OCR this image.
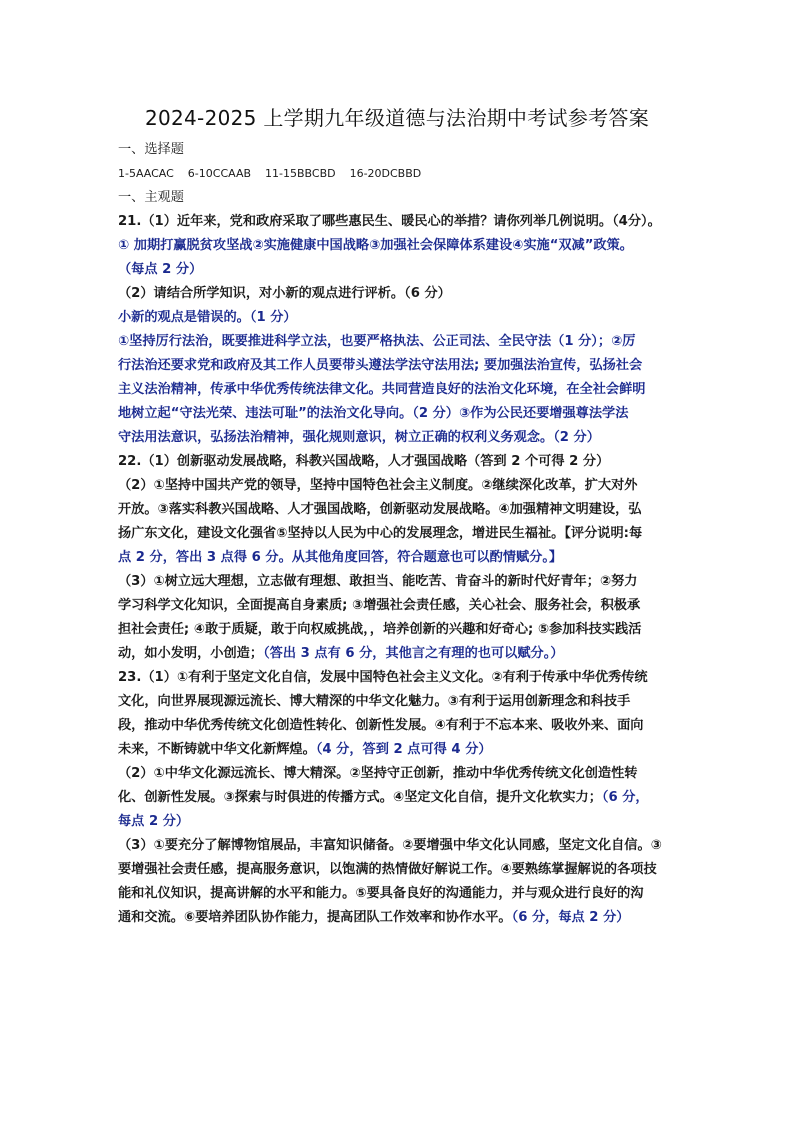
2024-2025 上学期九年级道德与法治期中考试参考答案
一、选择题
1-5AACAC    6-10CCAAB    11-15BBCBD    16-20DCBBD
一、主观题
21.（1）近年来，党和政府采取了哪些惠民生、暖民心的举措？请你列举几例说明。（4分）。
① 加期打赢脱贫攻坚战②实施健康中国战略③加强社会保障体系建设④实施“双减”政策。
（每点 2 分）
（2）请结合所学知识，对小新的观点进行评析。（6 分）
小新的观点是错误的。（1 分）
①坚持厉行法治，既要推进科学立法，也要严格执法、公正司法、全民守法（1 分）；②厉
行法治还要求党和政府及其工作人员要带头遵法学法守法用法; 要加强法治宣传，弘扬社会
主义法治精神，传承中华优秀传统法律文化。共同营造良好的法治文化环境，在全社会鲜明
地树立起“守法光荣、违法可耻”的法治文化导向。（2 分）③作为公民还要增强尊法学法
守法用法意识，弘扬法治精神，强化规则意识，树立正确的权利义务观念。（2 分）
22.（1）创新驱动发展战略，科教兴国战略，人才强国战略（答到 2 个可得 2 分）
（2）①坚持中国共产党的领导，坚持中国特色社会主义制度。②继续深化改革，扩大对外
开放。③落实科教兴国战略、人才强国战略，创新驱动发展战略。④加强精神文明建设，弘
扬广东文化，建设文化强省⑤坚持以人民为中心的发展理念，增进民生福祉。【评分说明:每
点 2 分，答出 3 点得 6 分。从其他角度回答，符合题意也可以酌情赋分。】
（3）①树立远大理想，立志做有理想、敢担当、能吃苦、肯奋斗的新时代好青年；②努力
学习科学文化知识，全面提高自身素质; ③增强社会责任感，关心社会、服务社会，积极承
担社会责任; ④敢于质疑，敢于向权威挑战，，培养创新的兴趣和好奇心; ⑤参加科技实践活
动，如小发明，小创造；（答出 3 点有 6 分，其他言之有理的也可以赋分。）
23.（1）①有利于坚定文化自信，发展中国特色社会主义文化。②有利于传承中华优秀传统
文化，向世界展现源远流长、博大精深的中华文化魅力。③有利于运用创新理念和科技手
段，推动中华优秀传统文化创造性转化、创新性发展。④有利于不忘本来、吸收外来、面向
未来，不断铸就中华文化新辉煌。（4 分，答到 2 点可得 4 分）
（2）①中华文化源远流长、博大精深。②坚持守正创新，推动中华优秀传统文化创造性转
化、创新性发展。③探索与时俱进的传播方式。④坚定文化自信，提升文化软实力；（6 分，
每点 2 分）
（3）①要充分了解博物馆展品，丰富知识储备。②要增强中华文化认同感，坚定文化自信。③
要增强社会责任感，提高服务意识，以饱满的热情做好解说工作。④要熟练掌握解说的各项技
能和礼仪知识，提高讲解的水平和能力。⑤要具备良好的沟通能力，并与观众进行良好的沟
通和交流。⑥要培养团队协作能力，提高团队工作效率和协作水平。（6 分，每点 2 分）
